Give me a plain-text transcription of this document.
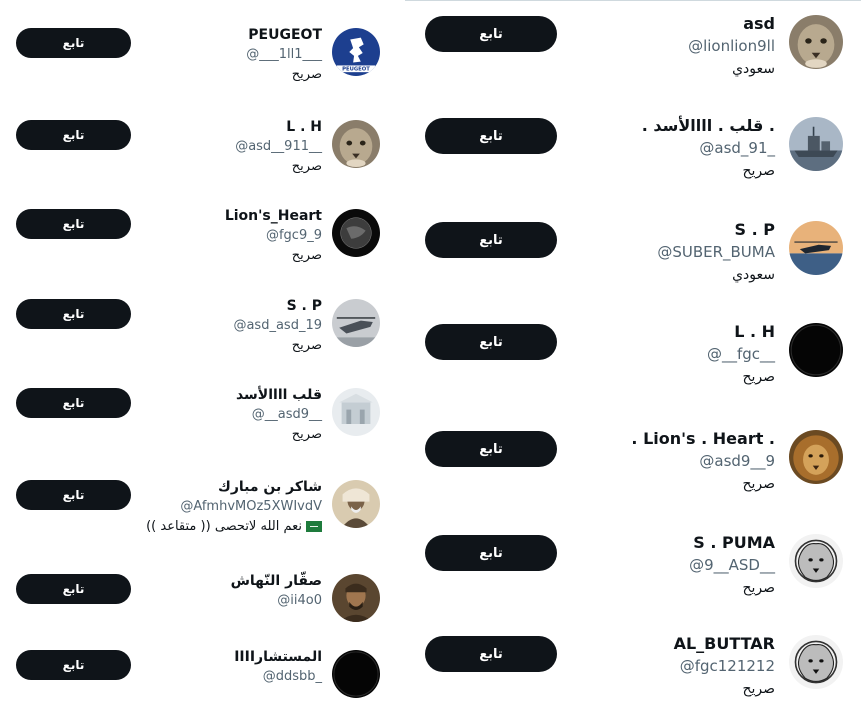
تابع
PEUGEOT
PEUGEOT
@___1ll1___
صريح
تابع	L . H
@asd__911__
صريح
تابع	Lion's_Heart
@fgc9_9
صريح
تابع	S . P
@asd_asd_19
صريح
تابع	قلب اااالأسد
@__asd9__
صريح
تابع	شاكر بن مبارك
@AfmhvMOz5XWIvdV
(( متقاعد )) نعم الله لاتحصى
تابع	صقّار النّهاش
@ii4o0
تابع	IIIIالمستشار
@ddsbb_
تابع
asd
@lionlion9ll
سعودي
تابع
. قلب . اااالأسد .
@asd_91_
صريح
تابع
S . P
@SUBER_BUMA
سعودي
تابع
L . H
@__fgc__
صريح
تابع
. Lion's . Heart .
@asd9__9
صريح
تابع
S . PUMA
@9__ASD__
صريح
تابع
AL_BUTTAR
@fgc121212
صريح
